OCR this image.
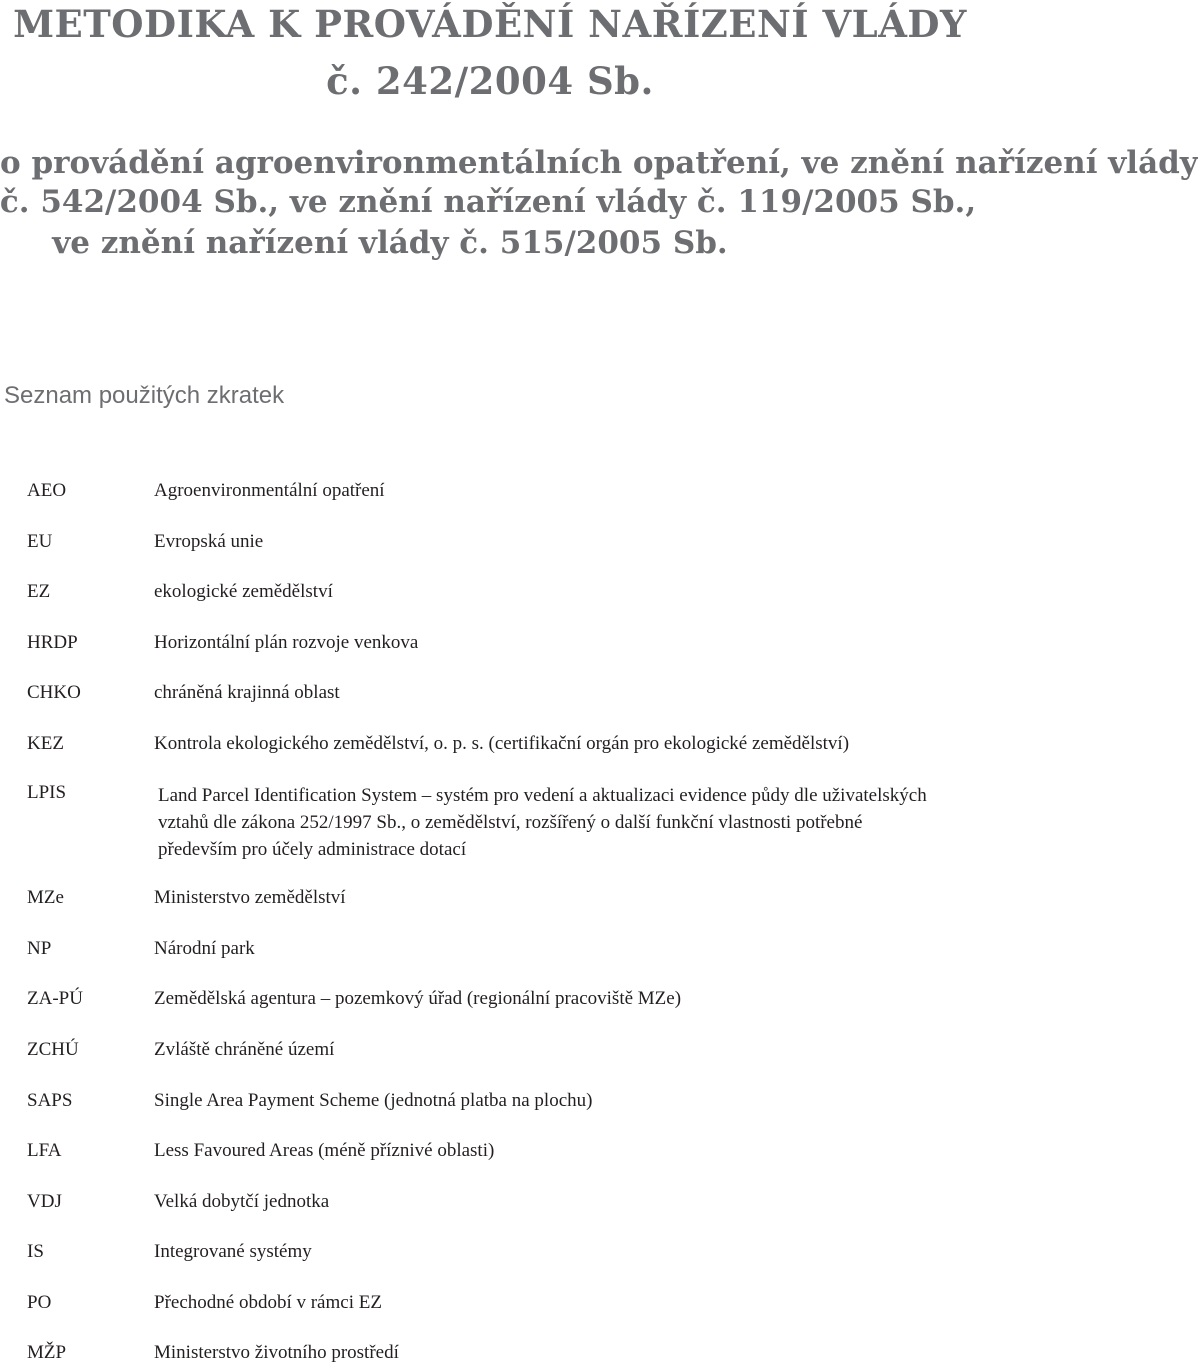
METODIKA K PROVÁDĚNÍ NAŘÍZENÍ VLÁDY
č. 242/2004 Sb.
o provádění agroenvironmentálních opatření, ve znění nařízení vlády
č. 542/2004 Sb., ve znění nařízení vlády č. 119/2005 Sb.,
ve znění nařízení vlády č. 515/2005 Sb.
Seznam použitých zkratek
AEO	Agroenvironmentální opatření
EU	Evropská unie
EZ	ekologické zemědělství
HRDP	Horizontální plán rozvoje venkova
CHKO	chráněná krajinná oblast
KEZ	Kontrola ekologického zemědělství, o. p. s. (certifikační orgán pro ekologické zemědělství)
LPIS	Land Parcel Identification System – systém pro vedení a aktualizaci evidence půdy dle uživatelských vztahů dle zákona 252/1997 Sb., o zemědělství, rozšířený o další funkční vlastnosti potřebné především pro účely administrace dotací
MZe	Ministerstvo zemědělství
NP	Národní park
ZA-PÚ	Zemědělská agentura – pozemkový úřad (regionální pracoviště MZe)
ZCHÚ	Zvláště chráněné území
SAPS	Single Area Payment Scheme (jednotná platba na plochu)
LFA	Less Favoured Areas (méně příznivé oblasti)
VDJ	Velká dobytčí jednotka
IS	Integrované systémy
PO	Přechodné období v rámci EZ
MŽP	Ministerstvo životního prostředí
